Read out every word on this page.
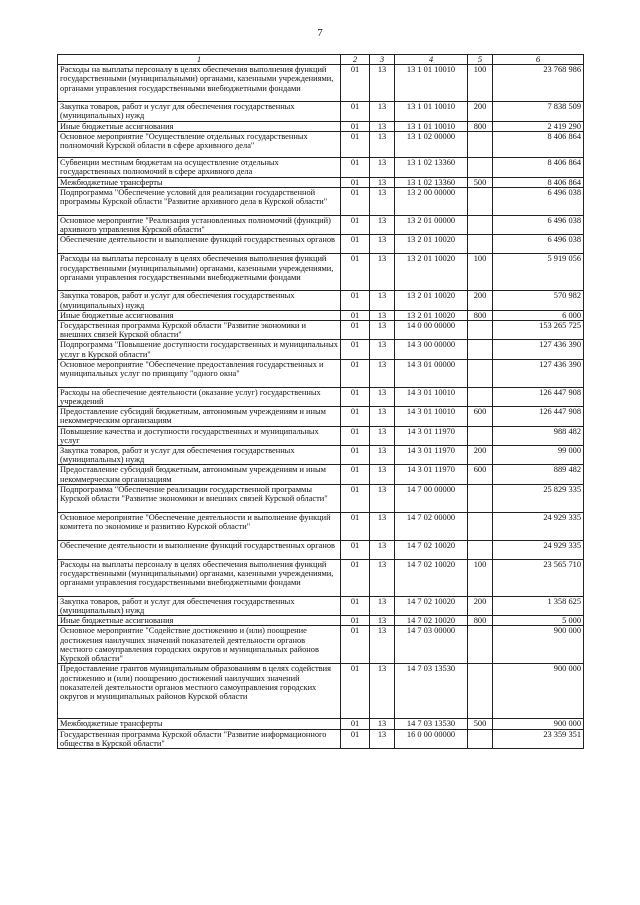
7
1	2	3	4	5	6
Расходы на выплаты персоналу в целях обеспечения выполнения функций государственными (муниципальными) органами, казенными учреждениями, органами управления государственными внебюджетными фондами	01	13	13 1 01 10010	100	23 768 986
Закупка товаров, работ и услуг для обеспечения государственных (муниципальных) нужд	01	13	13 1 01 10010	200	7 838 509
Иные бюджетные ассигнования	01	13	13 1 01 10010	800	2 419 290
Основное мероприятие "Осуществление отдельных государственных полномочий Курской области в сфере архивного дела"	01	13	13 1 02 00000		8 406 864
Субвенции местным бюджетам на осуществление отдельных государственных полномочий в сфере архивного дела	01	13	13 1 02 13360		8 406 864
Межбюджетные трансферты	01	13	13 1 02 13360	500	8 406 864
Подпрограмма "Обеспечение условий для реализации государственной программы Курской области "Развитие архивного дела в Курской области"	01	13	13 2 00 00000		6 496 038
Основное мероприятие "Реализация установленных полномочий (функций) архивного управления Курской области"	01	13	13 2 01 00000		6 496 038
Обеспечение деятельности и выполнение функций государственных органов	01	13	13 2 01 10020		6 496 038
Расходы на выплаты персоналу в целях обеспечения выполнения функций государственными (муниципальными) органами, казенными учреждениями, органами управления государственными внебюджетными фондами	01	13	13 2 01 10020	100	5 919 056
Закупка товаров, работ и услуг для обеспечения государственных (муниципальных) нужд	01	13	13 2 01 10020	200	570 982
Иные бюджетные ассигнования	01	13	13 2 01 10020	800	6 000
Государственная программа Курской области "Развитие экономики и внешних связей Курской области"	01	13	14 0 00 00000		153 265 725
Подпрограмма "Повышение доступности государственных и муниципальных услуг в Курской области"	01	13	14 3 00 00000		127 436 390
Основное мероприятие "Обеспечение предоставления государственных и муниципальных услуг по принципу "одного окна"	01	13	14 3 01 00000		127 436 390
Расходы на обеспечение деятельности (оказание услуг) государственных учреждений	01	13	14 3 01 10010		126 447 908
Предоставление субсидий бюджетным, автономным учреждениям и иным некоммерческим организациям	01	13	14 3 01 10010	600	126 447 908
Повышение качества и доступности государственных и муниципальных услуг	01	13	14 3 01 11970		988 482
Закупка товаров, работ и услуг для обеспечения государственных (муниципальных) нужд	01	13	14 3 01 11970	200	99 000
Предоставление субсидий бюджетным, автономным учреждениям и иным некоммерческим организациям	01	13	14 3 01 11970	600	889 482
Подпрограмма "Обеспечение реализации государственной программы Курской области "Развитие экономики и внешних связей Курской области"	01	13	14 7 00 00000		25 829 335
Основное мероприятие "Обеспечение деятельности и выполнение функций комитета по экономике и развитию Курской области"	01	13	14 7 02 00000		24 929 335
Обеспечение деятельности и выполнение функций государственных органов	01	13	14 7 02 10020		24 929 335
Расходы на выплаты персоналу в целях обеспечения выполнения функций государственными (муниципальными) органами, казенными учреждениями, органами управления государственными внебюджетными фондами	01	13	14 7 02 10020	100	23 565 710
Закупка товаров, работ и услуг для обеспечения государственных (муниципальных) нужд	01	13	14 7 02 10020	200	1 358 625
Иные бюджетные ассигнования	01	13	14 7 02 10020	800	5 000
Основное мероприятие "Содействие достижению и (или) поощрение достижения наилучших значений показателей деятельности органов местного самоуправления городских округов и муниципальных районов Курской области"	01	13	14 7 03 00000		900 000
Предоставление грантов муниципальным образованиям в целях содействия достижению и (или) поощрению достижений наилучших значений показателей деятельности органов местного самоуправления городских округов и муниципальных районов Курской области	01	13	14 7 03 13530		900 000
Межбюджетные трансферты	01	13	14 7 03 13530	500	900 000
Государственная программа Курской области "Развитие информационного общества в Курской области"	01	13	16 0 00 00000		23 359 351
